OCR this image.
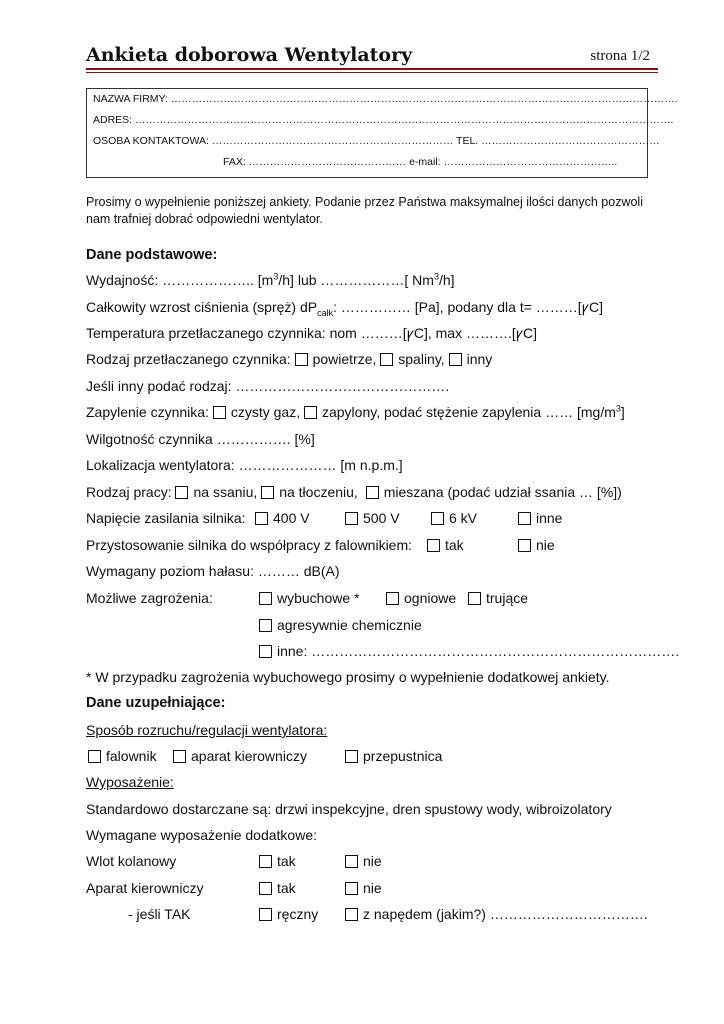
Ankieta doborowa Wentylatory	strona 1/2
NAZWA FIRMY: ……………………………………………………………………………………………………………………………….
ADRES: ……………………………………………………………………………………………………………………………………….
OSOBA KONTAKTOWA: …………………………………………………………… TEL. ……………………………………………
FAX: ……………………………………… e-mail: …………………………………………..
Prosimy o wypełnienie poniższej ankiety. Podanie przez Państwa maksymalnej ilości danych pozwoli nam trafniej dobrać odpowiedni wentylator.
Dane podstawowe:
Wydajność: ……………….. $[m^3/h]$ lub ………………[ Nm$^3$/h]
Całkowity wzrost ciśnienia (spręż) $dP_{całk}$: …………… [Pa], podany dla t= ………[ꝩC]
Temperatura przetłaczanego czynnika: nom ………[ꝩC], max ……….[ꝩC]
Rodzaj przetłaczanego czynnika: powietrze, spaliny, inny
Jeśli inny podać rodzaj: ……………………………………….
Zapylenie czynnika: czysty gaz, zapylony, podać stężenie zapylenia …… $[mg/m^3]$
Wilgotność czynnika ……………. [%]
Lokalizacja wentylatora: ………………… [m n.p.m.]
Rodzaj pracy: na ssaniu, na tłoczeniu, mieszana (podać udział ssania … [%])
Napięcie zasilania silnika:	400 V	500 V	6 kV	inne
Przystosowanie silnika do współpracy z falownikiem:	tak	nie
Wymagany poziom hałasu: ……… dB(A)
Możliwe zagrożenia:	wybuchowe *	ogniowe	trujące
agresywnie chemicznie
inne: …………………………………………………………………….
* W przypadku zagrożenia wybuchowego prosimy o wypełnienie dodatkowej ankiety.
Dane uzupełniające:
Sposób rozruchu/regulacji wentylatora:
falownik	aparat kierowniczy	przepustnica
Wyposażenie:
Standardowo dostarczane są: drzwi inspekcyjne, dren spustowy wody, wibroizolatory
Wymagane wyposażenie dodatkowe:
Wlot kolanowy	tak	nie
Aparat kierowniczy	tak	nie
- jeśli TAK	ręczny	z napędem (jakim?) …………………………….
